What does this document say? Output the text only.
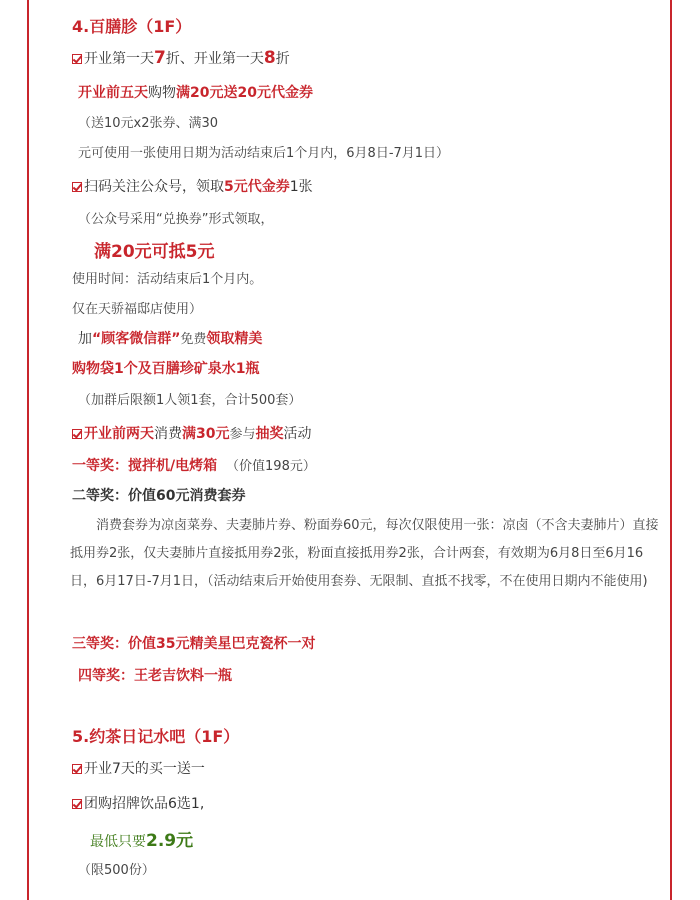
4.百膳胗（1F）
开业第一天7折、开业第一天8折
开业前五天购物满20元送20元代金券
（送10元x2张券、满30
元可使用一张使用日期为活动结束后1个月内，6月8日-7月1日）
扫码关注公众号，领取5元代金券1张
（公众号采用“兑换券”形式领取，
满20元可抵5元
使用时间：活动结束后1个月内。
仅在天骄福邸店使用）
加“顾客微信群”免费领取精美
购物袋1个及百膳珍矿泉水1瓶
（加群后限额1人领1套，合计500套）
开业前两天消费满30元参与抽奖活动
一等奖：搅拌机/电烤箱 （价值198元）
二等奖：价值60元消费套券
消费套券为凉卤菜券、夫妻肺片券、粉面券60元，每次仅限使用一张：凉卤（不含夫妻肺片）直接抵用券2张，仅夫妻肺片直接抵用券2张，粉面直接抵用券2张，合计两套，有效期为6月8日至6月16日，6月17日-7月1日，（活动结束后开始使用套券、无限制、直抵不找零，不在使用日期内不能使用)
三等奖：价值35元精美星巴克瓷杯一对
四等奖：王老吉饮料一瓶
5.约茶日记水吧（1F）
开业7天的买一送一
团购招牌饮品6选1,
最低只要2.9元
（限500份）
